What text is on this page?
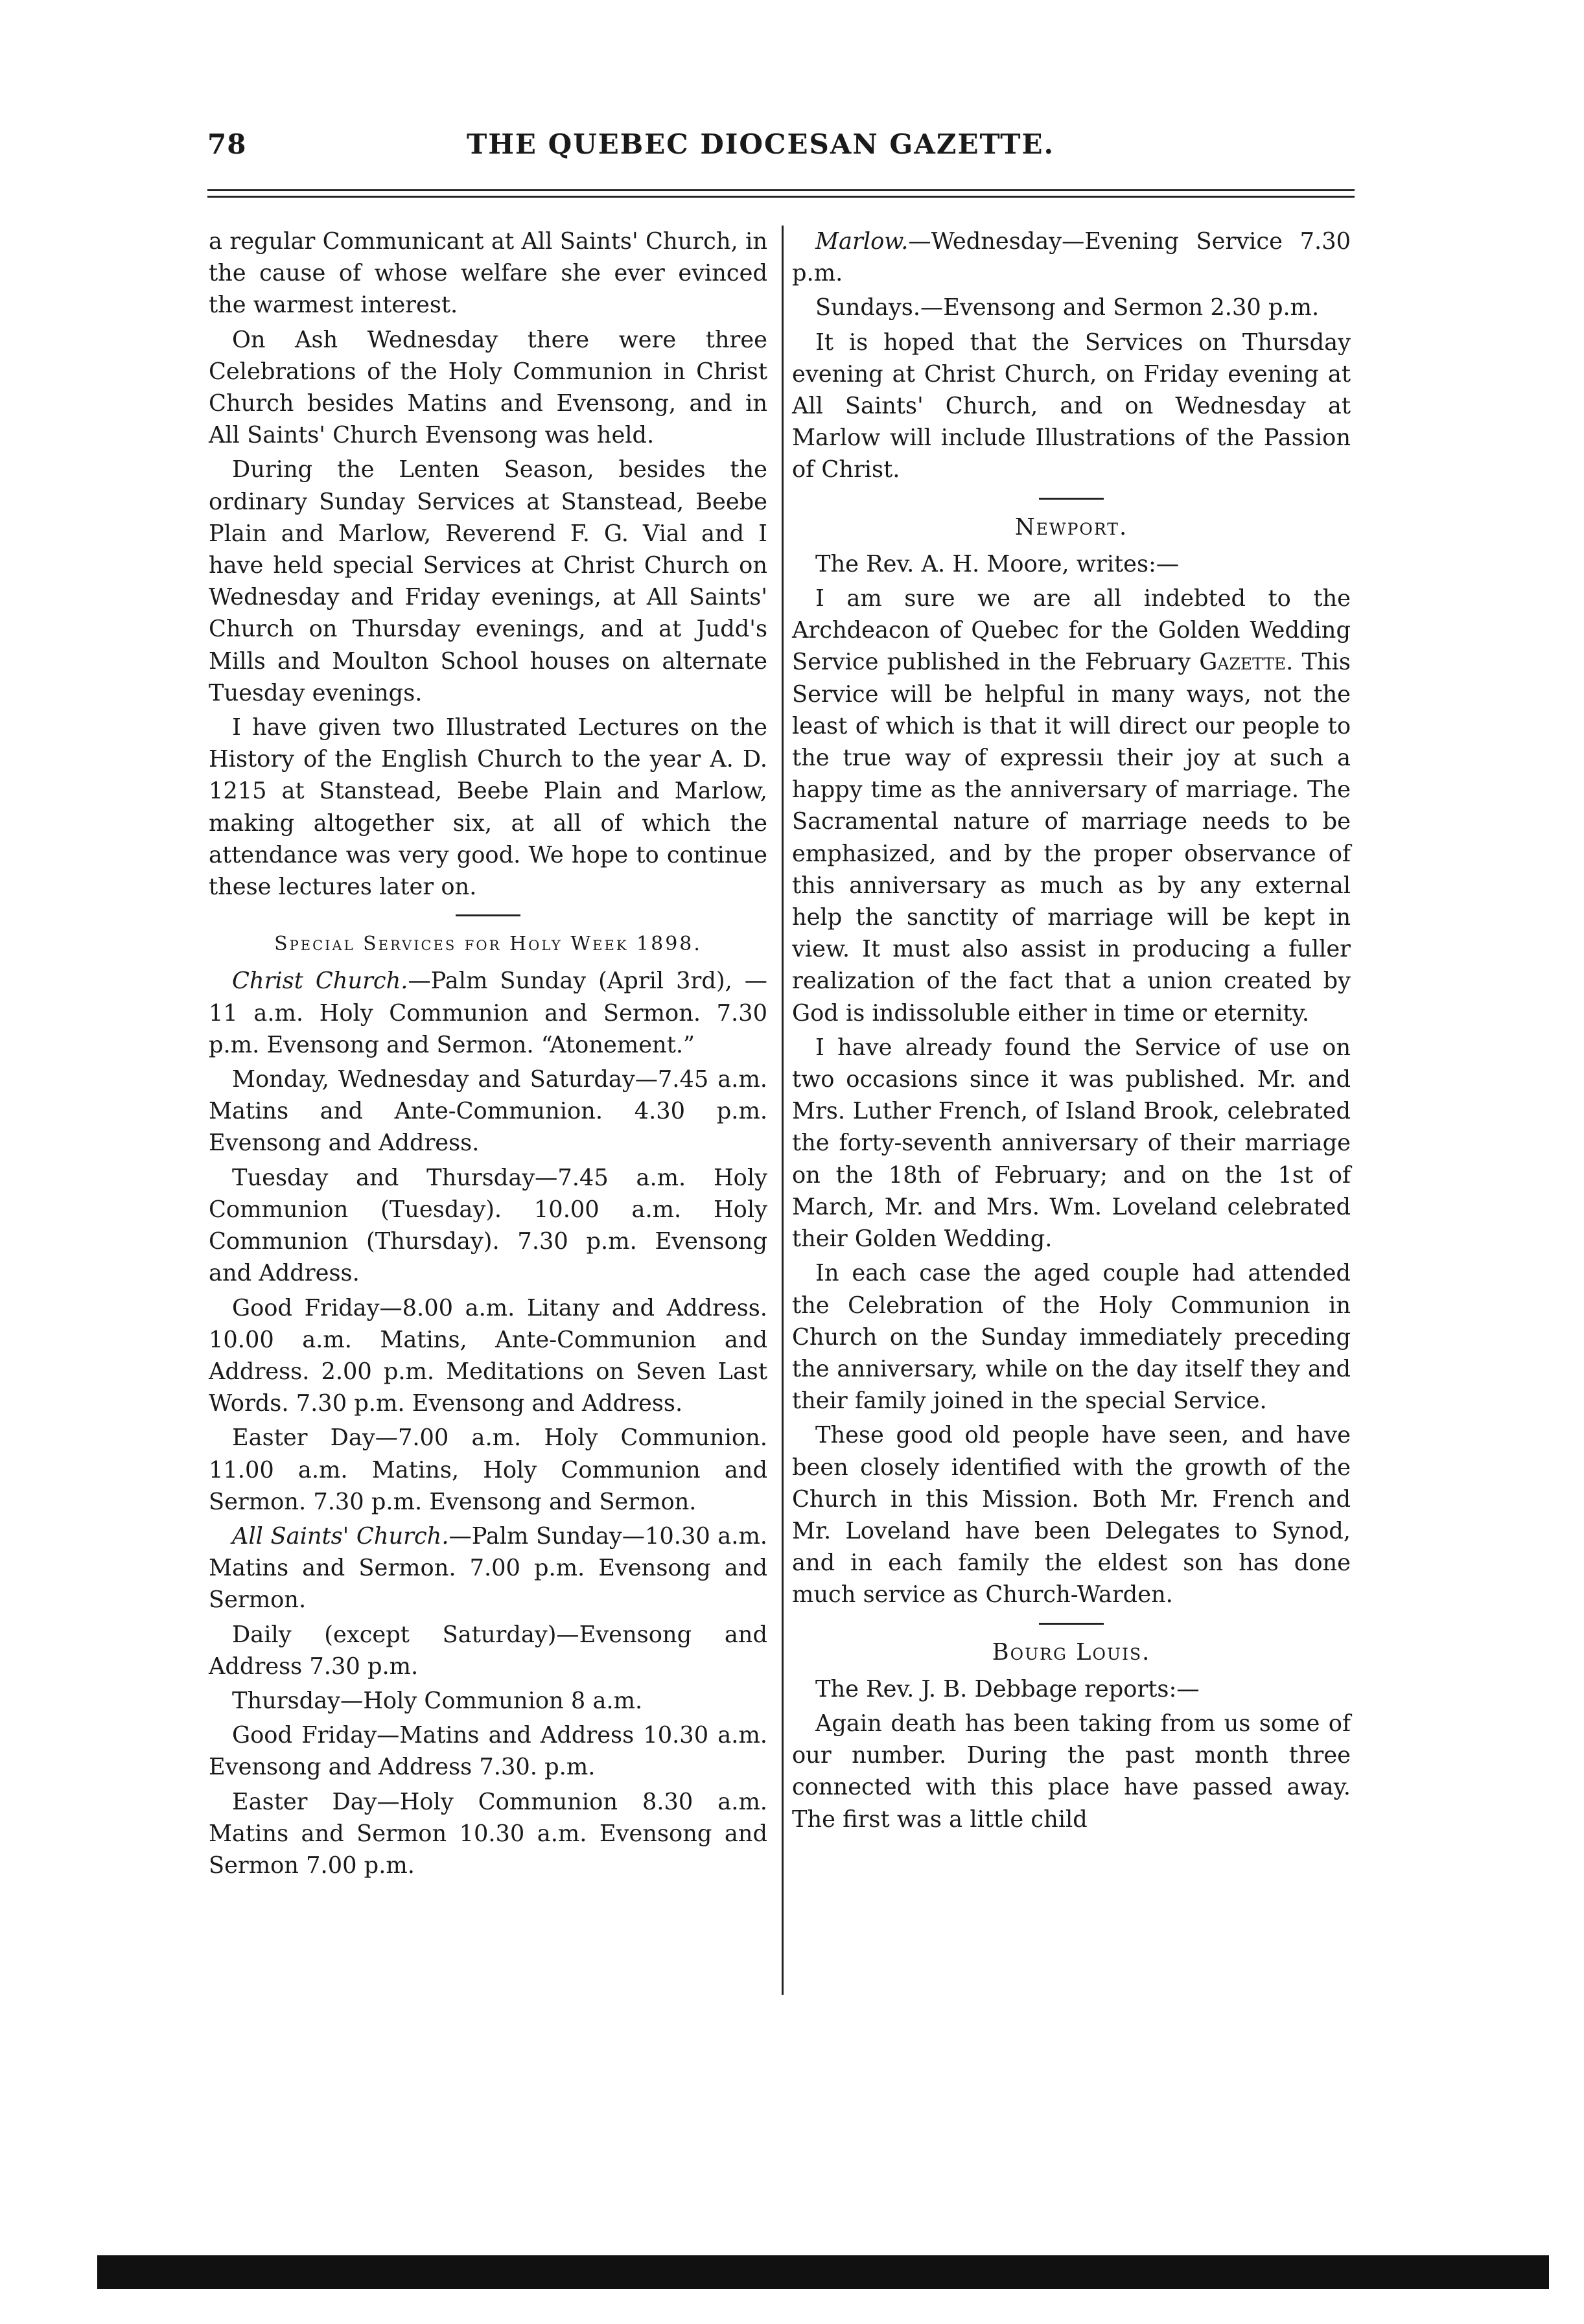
78	THE QUEBEC DIOCESAN GAZETTE.

a regular Communicant at All Saints' Church, in the cause of whose welfare she ever evinced the warmest interest.

On Ash Wednesday there were three Celebrations of the Holy Communion in Christ Church besides Matins and Evensong, and in All Saints' Church Evensong was held.

During the Lenten Season, besides the ordinary Sunday Services at Stanstead, Beebe Plain and Marlow, Reverend F. G. Vial and I have held special Services at Christ Church on Wednesday and Friday evenings, at All Saints' Church on Thursday evenings, and at Judd's Mills and Moulton School houses on alternate Tuesday evenings.

I have given two Illustrated Lectures on the History of the English Church to the year A. D. 1215 at Stanstead, Beebe Plain and Marlow, making altogether six, at all of which the attendance was very good. We hope to continue these lectures later on.

Special Services for Holy Week 1898.

Christ Church.—Palm Sunday (April 3rd), —11 a.m. Holy Communion and Sermon. 7.30 p.m. Evensong and Sermon. “Atonement.”

Monday, Wednesday and Saturday—7.45 a.m. Matins and Ante-Communion. 4.30 p.m. Evensong and Address.

Tuesday and Thursday—7.45 a.m. Holy Communion (Tuesday). 10.00 a.m. Holy Communion (Thursday). 7.30 p.m. Evensong and Address.

Good Friday—8.00 a.m. Litany and Address. 10.00 a.m. Matins, Ante-Communion and Address. 2.00 p.m. Meditations on Seven Last Words. 7.30 p.m. Evensong and Address.

Easter Day—7.00 a.m. Holy Communion. 11.00 a.m. Matins, Holy Communion and Sermon. 7.30 p.m. Evensong and Sermon.

All Saints' Church.—Palm Sunday—10.30 a.m. Matins and Sermon. 7.00 p.m. Evensong and Sermon.

Daily (except Saturday)—Evensong and Address 7.30 p.m.

Thursday—Holy Communion 8 a.m.

Good Friday—Matins and Address 10.30 a.m. Evensong and Address 7.30. p.m.

Easter Day—Holy Communion 8.30 a.m. Matins and Sermon 10.30 a.m. Evensong and Sermon 7.00 p.m.

Marlow.—Wednesday—Evening Service 7.30 p.m.

Sundays.—Evensong and Sermon 2.30 p.m.

It is hoped that the Services on Thursday evening at Christ Church, on Friday evening at All Saints' Church, and on Wednesday at Marlow will include Illustrations of the Passion of Christ.

Newport.

The Rev. A. H. Moore, writes:—

I am sure we are all indebted to the Archdeacon of Quebec for the Golden Wedding Service published in the February Gazette. This Service will be helpful in many ways, not the least of which is that it will direct our people to the true way of expressiı their joy at such a happy time as the anniversary of marriage. The Sacramental nature of marriage needs to be emphasized, and by the proper observance of this anniversary as much as by any external help the sanctity of marriage will be kept in view. It must also assist in producing a fuller realization of the fact that a union created by God is indissoluble either in time or eternity.

I have already found the Service of use on two occasions since it was published. Mr. and Mrs. Luther French, of Island Brook, celebrated the forty-seventh anniversary of their marriage on the 18th of February; and on the 1st of March, Mr. and Mrs. Wm. Loveland celebrated their Golden Wedding.

In each case the aged couple had attended the Celebration of the Holy Communion in Church on the Sunday immediately preceding the anniversary, while on the day itself they and their family joined in the special Service.

These good old people have seen, and have been closely identified with the growth of the Church in this Mission. Both Mr. French and Mr. Loveland have been Delegates to Synod, and in each family the eldest son has done much service as Church-Warden.

Bourg Louis.

The Rev. J. B. Debbage reports:—

Again death has been taking from us some of our number. During the past month three connected with this place have passed away. The first was a little child
